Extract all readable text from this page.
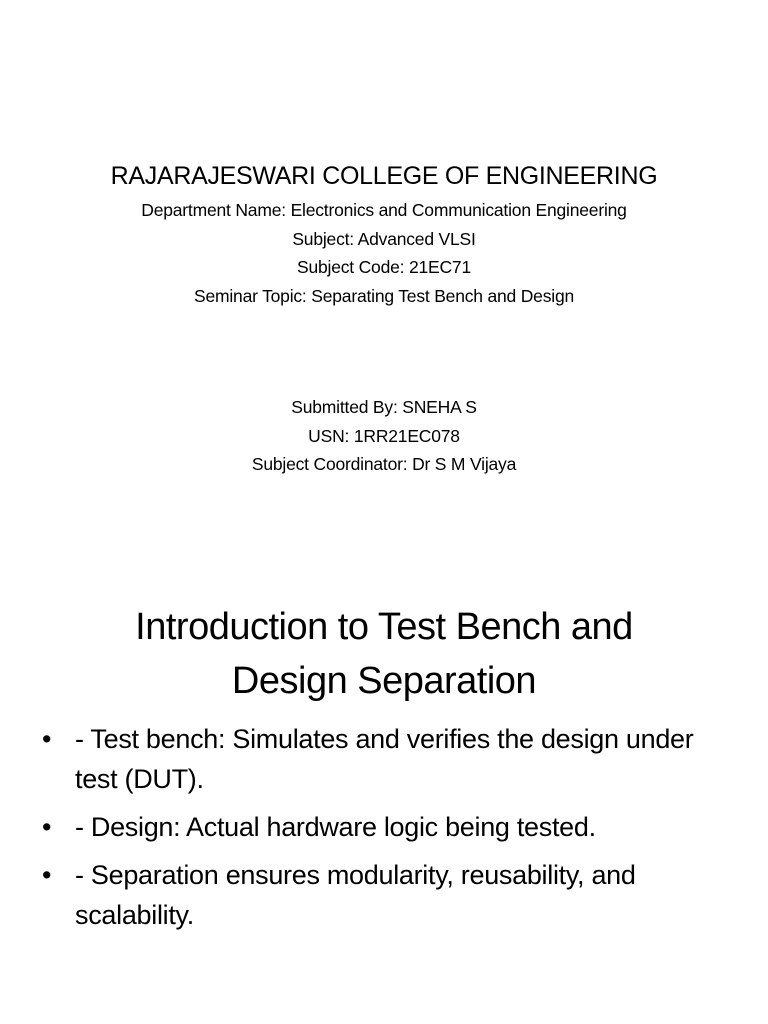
RAJARAJESWARI COLLEGE OF ENGINEERING
Department Name: Electronics and Communication Engineering
Subject: Advanced VLSI
Subject Code: 21EC71
Seminar Topic: Separating Test Bench and Design
Submitted By: SNEHA S
USN: 1RR21EC078
Subject Coordinator: Dr S M Vijaya
Introduction to Test Bench and
Design Separation
• - Test bench: Simulates and verifies the design under test (DUT).
• - Design: Actual hardware logic being tested.
• - Separation ensures modularity, reusability, and scalability.
